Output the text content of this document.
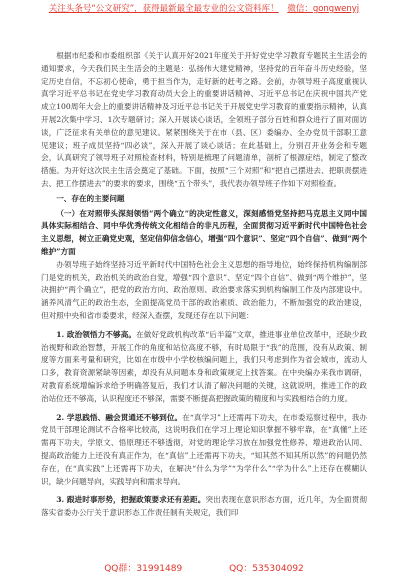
关注头条号“公文研究”，获得最新最全最专业的公文资料库！ 微信：gongwenyj

根据市纪委和市委组织部《关于认真开好2021年度关于开好党史学习教育专题民主生活会的通知要求，今天我们民主生活会的主题是：弘扬伟大建党精神，坚持党的百年奋斗历史经验，坚定历史自信，不忘初心使命，勇于担当作为，走好新的赶考之路。会前，办领导班子高度重视认真学习近平总书记在党史学习教育动员大会上的重要讲话精神、习近平总书记在庆祝中国共产党成立100周年大会上的重要讲话精神及习近平总书记关于开展党史学习教育的重要指示精神，认真开展2次集中学习、1次专题研讨；深入开展谈心谈话，全领班子部分百姓和群众进行了面对面访谈，广泛征求有关单位的意见建议。紧紧围绕关于在市（县、区）委编办、全办党员干部职工意见建议；班子成员坚持“四必谈”，深入开展了谈心谈话；在此基础上，分别召开业务会和专题会，认真研究了领导班子对照检查材料，特别是梳理了问题清单，剖析了根源症结，制定了整改措施。为开好这次民主生活会奠定了基础。下面，按照“三个对照”和“把自己摆进去、把职责摆进去、把工作摆进去”的要求的要求，围绕“五个带头”，我代表办领导班子作如下对照检查。

一、存在的主要问题

（一）在对照带头深刻领悟“两个确立”的决定性意义，深刻感悟党坚持把马克思主义同中国具体实际相结合、同中华优秀传统文化相结合的非凡历程，全面贯彻习近平新时代中国特色社会主义思想，树立正确党史观，坚定信仰信念信心，增强“四个意识”、坚定“四个自信”、做到“两个维护”方面

办领导班子始终坚持习近平新时代中国特色社会主义思想的指导地位，始终保持机构编制部门是党的机关，政治机关的政治自觉，增强“四个意识”、坚定“四个自信”、做到“两个维护”，坚决拥护“两个确立”，把党的政治方向、政治原则、政治要求落实到机构编制工作及内部建设中。涵养风清气正的政治生态，全面提高党员干部的政治素质、政治能力，不断加强党的政治建设，但对照中央和省市委要求，经深入查摆，发现还存在以下问题：

1. 政治领悟力不够高。在做好党政机构改革“后半篇”文章，推进事业单位改革中，还缺少政治视野和政治智慧，开展工作的角度和站位高度不够，有时局限于“我”的范围，没有从政策、制度等方面来考量和研究，比如在市级中小学校核编问题上，我们只考虑到作为省会城市，流动人口多，教育资源紧缺等因素，却没有从问题本身和政策规定上找答案。在中央编办来我市调研，对教育系统增编诉求给予明确答复后，我们才认清了解决问题的关键，这就说明，推进工作的政治站位还不够高，认识程度还不够深，需要不断提高把握政策的精度和与实践相结合的力度。

2. 学思践悟、融会贯通还不够到位。在“真学习”上还需再下功夫，在市委巡察过程中，我办党员干部理论测试不合格率比较高，这说明我们在学习上理论知识掌握不够牢靠，在“真懂”上还需再下功夫，学原文、悟原理还不够透彻，对党的理论学习放在加强党性修养、增进政治认同、提高政治能力上还没有真正作为，在“真信”上还需再下功夫，“知其然不知其所以然”的问题仍然存在，在“真实践”上还需再下功夫，在解决“什么为学”“为学什么”“学为什么”上还存在模糊认识，缺少问题导向，实践导向和需求导向。

3. 跟进时事形势，把握政策要求还有差距。突出表现在意识形态方面，近几年，为全面贯彻落实省委办公厅关于意识形态工作责任制有关规定，我们印

QQ群：31991489	QQ：535304092
